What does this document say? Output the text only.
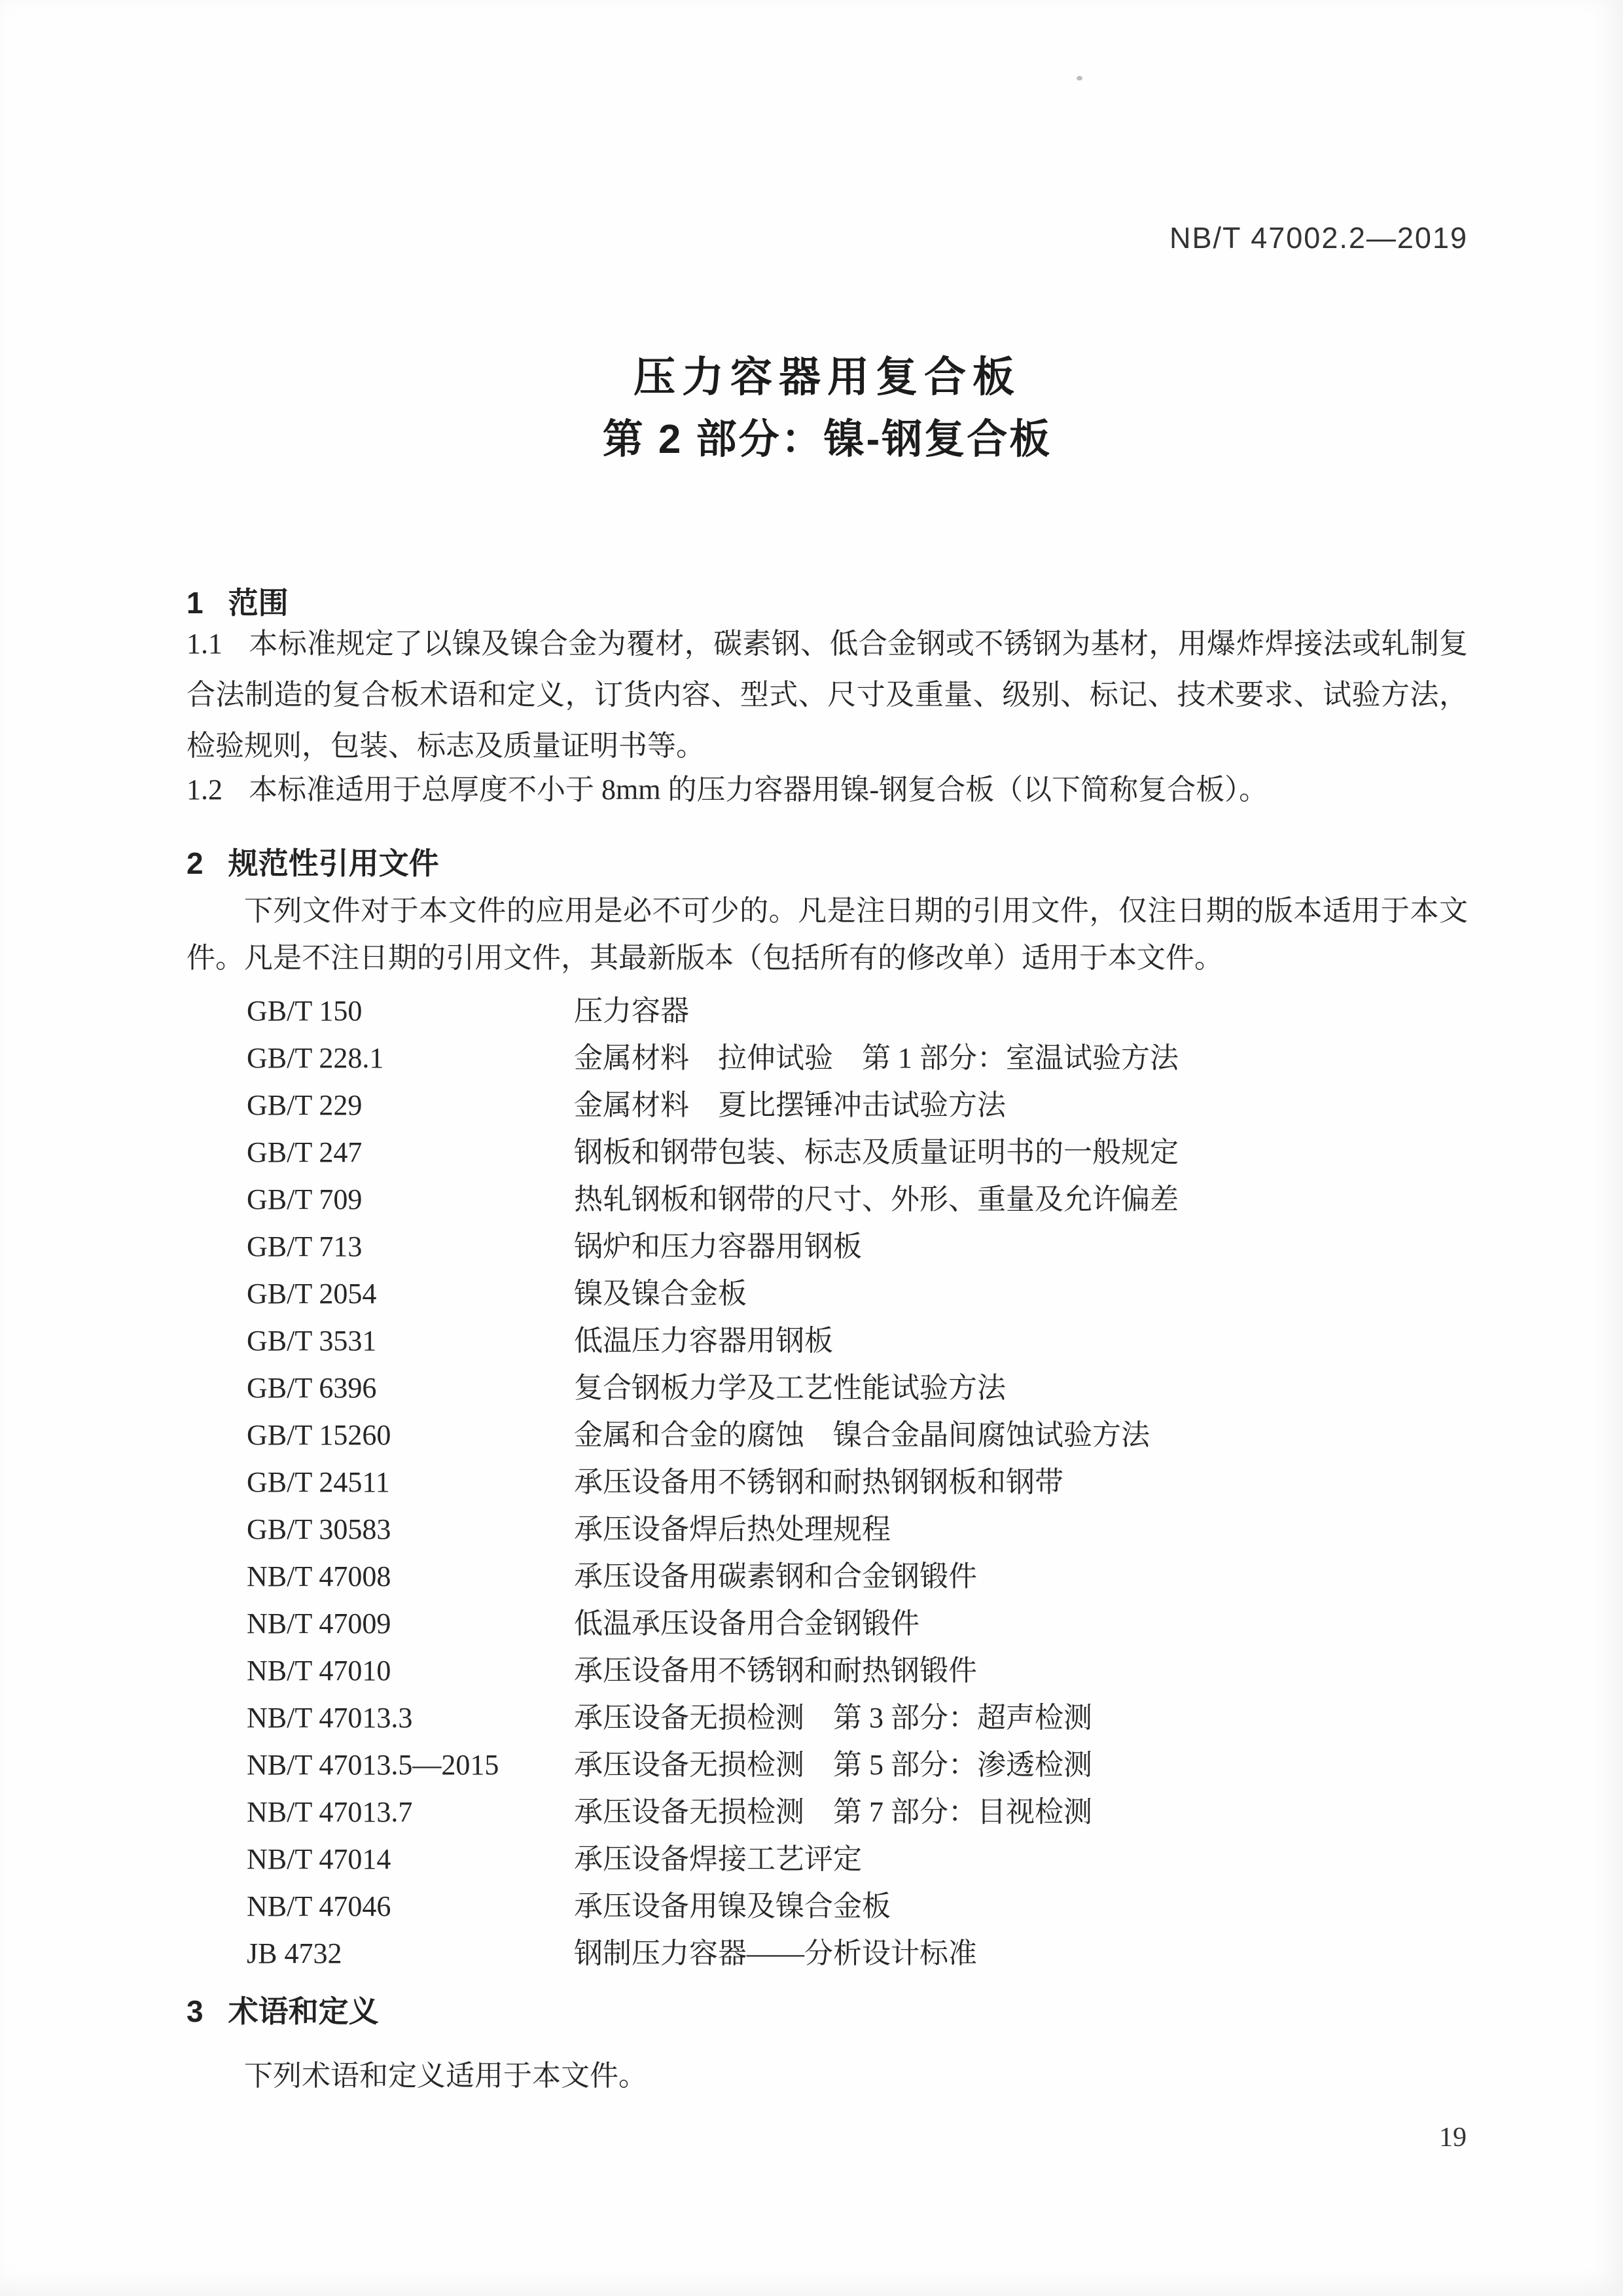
NB/T 47002.2—2019
压力容器用复合板
第 2 部分：镍-钢复合板
1 范围

1.1 本标准规定了以镍及镍合金为覆材，碳素钢、低合金钢或不锈钢为基材，用爆炸焊接法或轧制复合法制造的复合板术语和定义，订货内容、型式、尺寸及重量、级别、标记、技术要求、试验方法，检验规则，包装、标志及质量证明书等。

1.2 本标准适用于总厚度不小于 8mm 的压力容器用镍-钢复合板（以下简称复合板）。

2 规范性引用文件

下列文件对于本文件的应用是必不可少的。凡是注日期的引用文件，仅注日期的版本适用于本文件。凡是不注日期的引用文件，其最新版本（包括所有的修改单）适用于本文件。

GB/T 150	压力容器
GB/T 228.1	金属材料　拉伸试验　第 1 部分：室温试验方法
GB/T 229	金属材料　夏比摆锤冲击试验方法
GB/T 247	钢板和钢带包装、标志及质量证明书的一般规定
GB/T 709	热轧钢板和钢带的尺寸、外形、重量及允许偏差
GB/T 713	锅炉和压力容器用钢板
GB/T 2054	镍及镍合金板
GB/T 3531	低温压力容器用钢板
GB/T 6396	复合钢板力学及工艺性能试验方法
GB/T 15260	金属和合金的腐蚀　镍合金晶间腐蚀试验方法
GB/T 24511	承压设备用不锈钢和耐热钢钢板和钢带
GB/T 30583	承压设备焊后热处理规程
NB/T 47008	承压设备用碳素钢和合金钢锻件
NB/T 47009	低温承压设备用合金钢锻件
NB/T 47010	承压设备用不锈钢和耐热钢锻件
NB/T 47013.3	承压设备无损检测　第 3 部分：超声检测
NB/T 47013.5—2015	承压设备无损检测　第 5 部分：渗透检测
NB/T 47013.7	承压设备无损检测　第 7 部分：目视检测
NB/T 47014	承压设备焊接工艺评定
NB/T 47046	承压设备用镍及镍合金板
JB 4732	钢制压力容器——分析设计标准
3 术语和定义

下列术语和定义适用于本文件。

19
